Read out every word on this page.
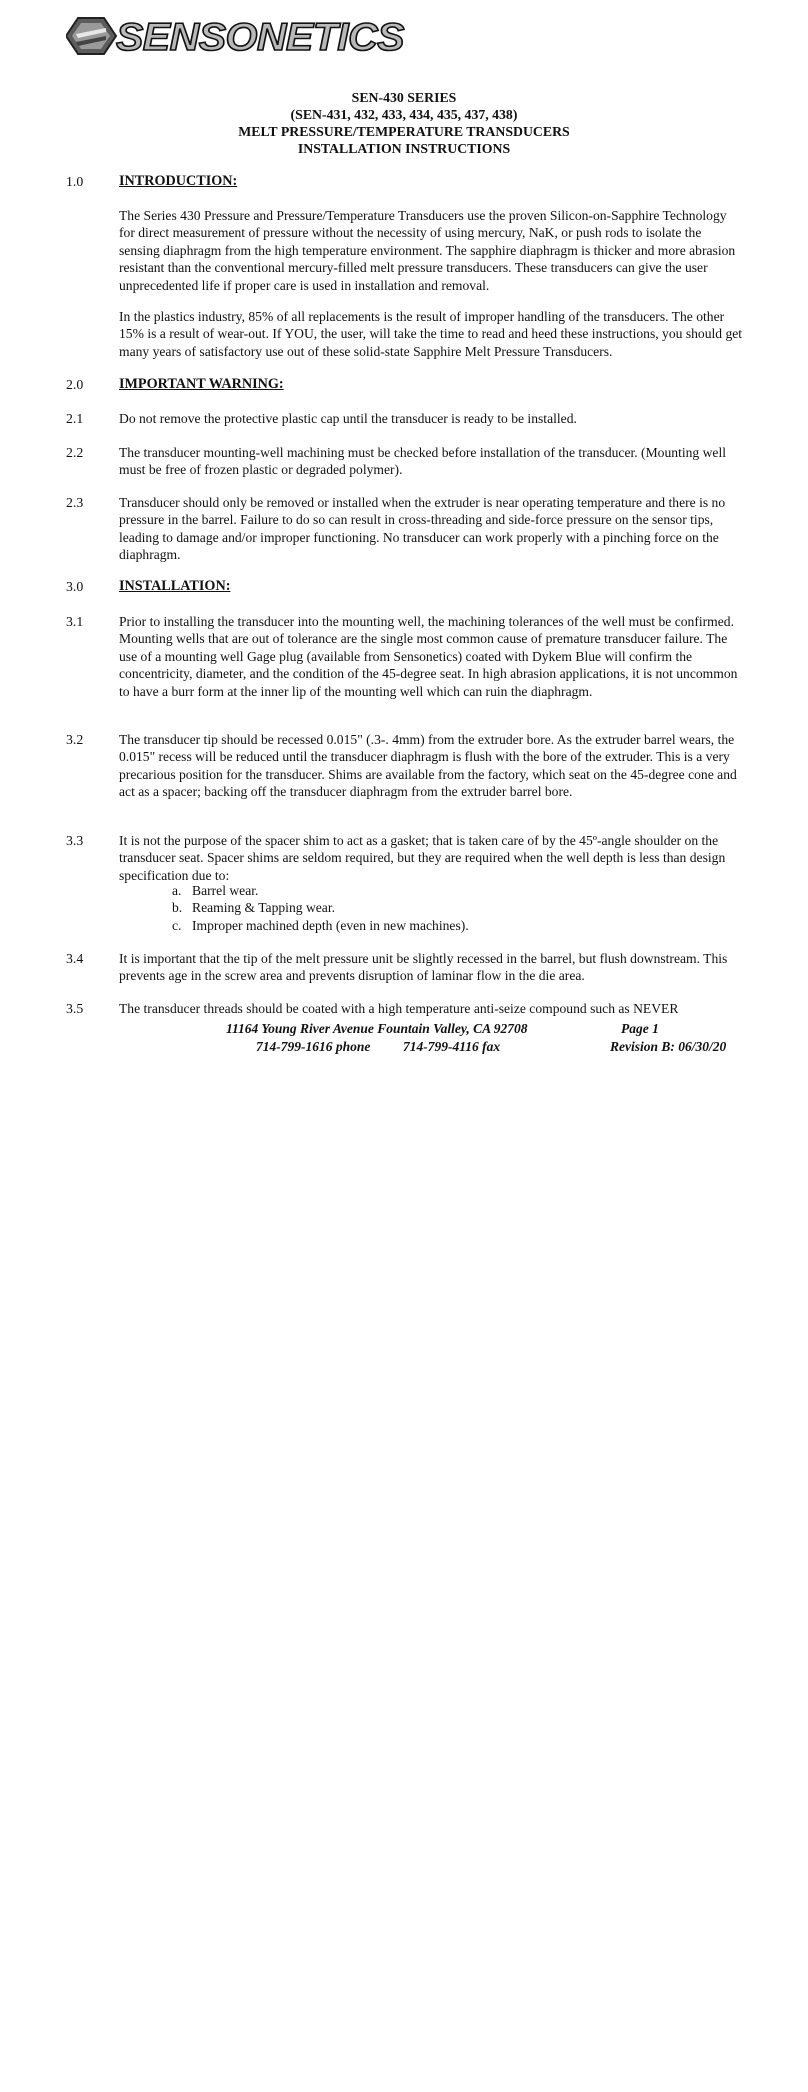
SENSONETICS
SEN-430 SERIES
(SEN-431, 432, 433, 434, 435, 437, 438)
MELT PRESSURE/TEMPERATURE TRANSDUCERS
INSTALLATION INSTRUCTIONS
1.0	INTRODUCTION:

The Series 430 Pressure and Pressure/Temperature Transducers use the proven Silicon-on-Sapphire Technology for direct measurement of pressure without the necessity of using mercury, NaK, or push rods to isolate the sensing diaphragm from the high temperature environment. The sapphire diaphragm is thicker and more abrasion resistant than the conventional mercury-filled melt pressure transducers. These transducers can give the user unprecedented life if proper care is used in installation and removal.

In the plastics industry, 85% of all replacements is the result of improper handling of the transducers. The other 15% is a result of wear-out. If YOU, the user, will take the time to read and heed these instructions, you should get many years of satisfactory use out of these solid-state Sapphire Melt Pressure Transducers.

2.0	IMPORTANT WARNING:
2.1	Do not remove the protective plastic cap until the transducer is ready to be installed.

2.2	The transducer mounting-well machining must be checked before installation of the transducer. (Mounting well must be free of frozen plastic or degraded polymer).

2.3	Transducer should only be removed or installed when the extruder is near operating temperature and there is no pressure in the barrel. Failure to do so can result in cross-threading and side-force pressure on the sensor tips, leading to damage and/or improper functioning. No transducer can work properly with a pinching force on the diaphragm.

3.0	INSTALLATION:
3.1	Prior to installing the transducer into the mounting well, the machining tolerances of the well must be confirmed. Mounting wells that are out of tolerance are the single most common cause of premature transducer failure. The use of a mounting well Gage plug (available from Sensonetics) coated with Dykem Blue will confirm the concentricity, diameter, and the condition of the 45-degree seat. In high abrasion applications, it is not uncommon to have a burr form at the inner lip of the mounting well which can ruin the diaphragm.

3.2	The transducer tip should be recessed 0.015" (.3-. 4mm) from the extruder bore. As the extruder barrel wears, the 0.015" recess will be reduced until the transducer diaphragm is flush with the bore of the extruder. This is a very precarious position for the transducer. Shims are available from the factory, which seat on the 45-degree cone and act as a spacer; backing off the transducer diaphragm from the extruder barrel bore.

3.3	It is not the purpose of the spacer shim to act as a gasket; that is taken care of by the 45º-angle shoulder on the transducer seat. Spacer shims are seldom required, but they are required when the well depth is less than design specification due to:

a. Barrel wear.
b. Reaming & Tapping wear.
c. Improper machined depth (even in new machines).
3.4	It is important that the tip of the melt pressure unit be slightly recessed in the barrel, but flush downstream. This prevents age in the screw area and prevents disruption of laminar flow in the die area.

3.5	The transducer threads should be coated with a high temperature anti-seize compound such as NEVER

11164 Young River Avenue Fountain Valley, CA 92708	Page 1
714-799-1616 phone 714-799-4116 fax	Revision B: 06/30/20
